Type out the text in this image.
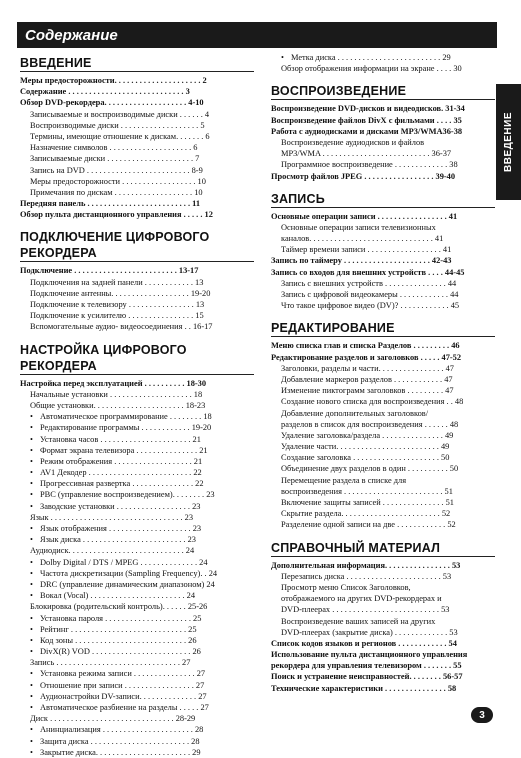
Содержание
ВВЕДЕНИЕ
Меры предосторожности. . . . . . . . . . . . . . . . . . . . . 2
Содержание . . . . . . . . . . . . . . . . . . . . . . . . . . . . 3
Обзор DVD-рекордера. . . . . . . . . . . . . . . . . . . . 4-10
Записываемые и воспроизводимые диски . . . . . . 4
Воспроизводимые диски . . . . . . . . . . . . . . . . . . . 5
Термины, имеющие отношение к дискам. . . . . . . 6
Назначение символов . . . . . . . . . . . . . . . . . . . . 6
Записываемые диски . . . . . . . . . . . . . . . . . . . . . 7
Запись на DVD . . . . . . . . . . . . . . . . . . . . . . . . . 8-9
Меры предосторожности . . . . . . . . . . . . . . . . . . 10
Примечания по дискам . . . . . . . . . . . . . . . . . . . 10
Передняя панель . . . . . . . . . . . . . . . . . . . . . . . . . 11
Обзор пульта дистанционного управления . . . . . 12
ПОДКЛЮЧЕНИЕ ЦИФРОВОГО РЕКОРДЕРА
Подключение . . . . . . . . . . . . . . . . . . . . . . . . . 13-17
Подключения на задней панели . . . . . . . . . . . . 13
Подключение антенны. . . . . . . . . . . . . . . . . . . 19-20
Подключение к телевизору . . . . . . . . . . . . . . . . 13
Подключение к усилителю . . . . . . . . . . . . . . . . 15
Вспомогательные аудио- видеосоединения . . 16-17
НАСТРОЙКА ЦИФРОВОГО РЕКОРДЕРА
Настройка перед эксплуатацией . . . . . . . . . . 18-30
Начальные установки . . . . . . . . . . . . . . . . . . . . 18
Общие установки. . . . . . . . . . . . . . . . . . . . . . 18-23
• Автоматическое программирование . . . . . . . . 18
• Редактирование программы . . . . . . . . . . . . 19-20
• Установка часов . . . . . . . . . . . . . . . . . . . . . . 21
• Формат экрана телевизора . . . . . . . . . . . . . . . 21
• Режим отображения . . . . . . . . . . . . . . . . . . . 21
• AV1 Декодер . . . . . . . . . . . . . . . . . . . . . . . . . 22
• Прогрессивная развертка . . . . . . . . . . . . . . . 22
• PBC (управление воспроизведением). . . . . . . . 23
• Заводские установки . . . . . . . . . . . . . . . . . . 23
Язык . . . . . . . . . . . . . . . . . . . . . . . . . . . . . . . . 23
• Язык отображения . . . . . . . . . . . . . . . . . . . . 23
• Язык диска . . . . . . . . . . . . . . . . . . . . . . . . . 23
Аудиодиск. . . . . . . . . . . . . . . . . . . . . . . . . . . . 24
• Dolby Digital / DTS / MPEG . . . . . . . . . . . . . . 24
• Частота дискретизации (Sampling Frequency). . 24
• DRC (управление динамическим диапазоном) 24
• Вокал (Vocal) . . . . . . . . . . . . . . . . . . . . . . . 24
Блокировка (родительский контроль). . . . . . 25-26
• Установка пароля . . . . . . . . . . . . . . . . . . . . . 25
• Рейтинг . . . . . . . . . . . . . . . . . . . . . . . . . . . . 25
• Код зоны . . . . . . . . . . . . . . . . . . . . . . . . . . . 26
• DivX(R) VOD . . . . . . . . . . . . . . . . . . . . . . . . 26
Запись . . . . . . . . . . . . . . . . . . . . . . . . . . . . . . 27
• Установка режима записи . . . . . . . . . . . . . . . 27
• Отношение при записи . . . . . . . . . . . . . . . . . 27
• Аудионастройки DV-записи. . . . . . . . . . . . . . 27
• Автоматическое разбиение на разделы . . . . . 27
Диск . . . . . . . . . . . . . . . . . . . . . . . . . . . . . . 28-29
• Анинциализация . . . . . . . . . . . . . . . . . . . . . . 28
• Защита диска . . . . . . . . . . . . . . . . . . . . . . . . 28
• Закрытие диска. . . . . . . . . . . . . . . . . . . . . . . 29
• Метка диска . . . . . . . . . . . . . . . . . . . . . . . . . 29
Обзор отображения информации на экране . . . . 30
ВОСПРОИЗВЕДЕНИЕ
Воспроизведение DVD-дисков и видеодисков. 31-34
Воспроизведение файлов DivX с фильмами . . . . 35
Работа с аудиодисками и дисками MP3/WMA36-38
Воспроизведение аудиодисков и файлов
MP3/WMA . . . . . . . . . . . . . . . . . . . . . . . . . . 36-37
Программное воспроизведение . . . . . . . . . . . . . 38
Просмотр файлов JPEG . . . . . . . . . . . . . . . . . 39-40
ЗАПИСЬ
Основные операции записи . . . . . . . . . . . . . . . . . 41
Основные операции записи телевизионных
каналов. . . . . . . . . . . . . . . . . . . . . . . . . . . . . . 41
Таймер времени записи . . . . . . . . . . . . . . . . . . 41
Запись по таймеру . . . . . . . . . . . . . . . . . . . . . 42-43
Запись со входов для внешних устройств . . . . 44-45
Запись с внешних устройств . . . . . . . . . . . . . . . 44
Запись с цифровой видеокамеры . . . . . . . . . . . . 44
Что такое цифровое видео (DV)? . . . . . . . . . . . . 45
РЕДАКТИРОВАНИЕ
Меню списка глав и списка Разделов . . . . . . . . . 46
Редактирование разделов и заголовков . . . . . 47-52
Заголовки, разделы и части. . . . . . . . . . . . . . . . 47
Добавление маркеров разделов . . . . . . . . . . . . 47
Изменение пиктограмм заголовков . . . . . . . . . 47
Создание нового списка для воспроизведения . . 48
Добавление дополнительных заголовков/
разделов в список для воспроизведения . . . . . . 48
Удаление заголовка/раздела . . . . . . . . . . . . . . . 49
Удаление части. . . . . . . . . . . . . . . . . . . . . . . . . 49
Создание заголовка . . . . . . . . . . . . . . . . . . . . . 50
Объединение двух разделов в один . . . . . . . . . . 50
Перемещение раздела в списке для
воспроизведения . . . . . . . . . . . . . . . . . . . . . . . . 51
Включение защиты записей . . . . . . . . . . . . . . . 51
Скрытие раздела. . . . . . . . . . . . . . . . . . . . . . . . 52
Разделение одной записи на две . . . . . . . . . . . . 52
СПРАВОЧНЫЙ МАТЕРИАЛ
Дополнительная информация. . . . . . . . . . . . . . . . 53
Перезапись диска . . . . . . . . . . . . . . . . . . . . . . . 53
Просмотр меню Список Заголовков,
отображаемого на других DVD-рекордерах и
DVD-плеерах . . . . . . . . . . . . . . . . . . . . . . . . . . 53
Воспроизведение ваших записей на других
DVD-плеерах (закрытие диска) . . . . . . . . . . . . . 53
Список кодов языков и регионов . . . . . . . . . . . . 54
Использование пульта дистанционного управления
рекордера для управления телевизором . . . . . . . 55
Поиск и устранение неисправностей. . . . . . . . 56-57
Технические характеристики . . . . . . . . . . . . . . . 58
ВВЕДЕНИЕ
3
